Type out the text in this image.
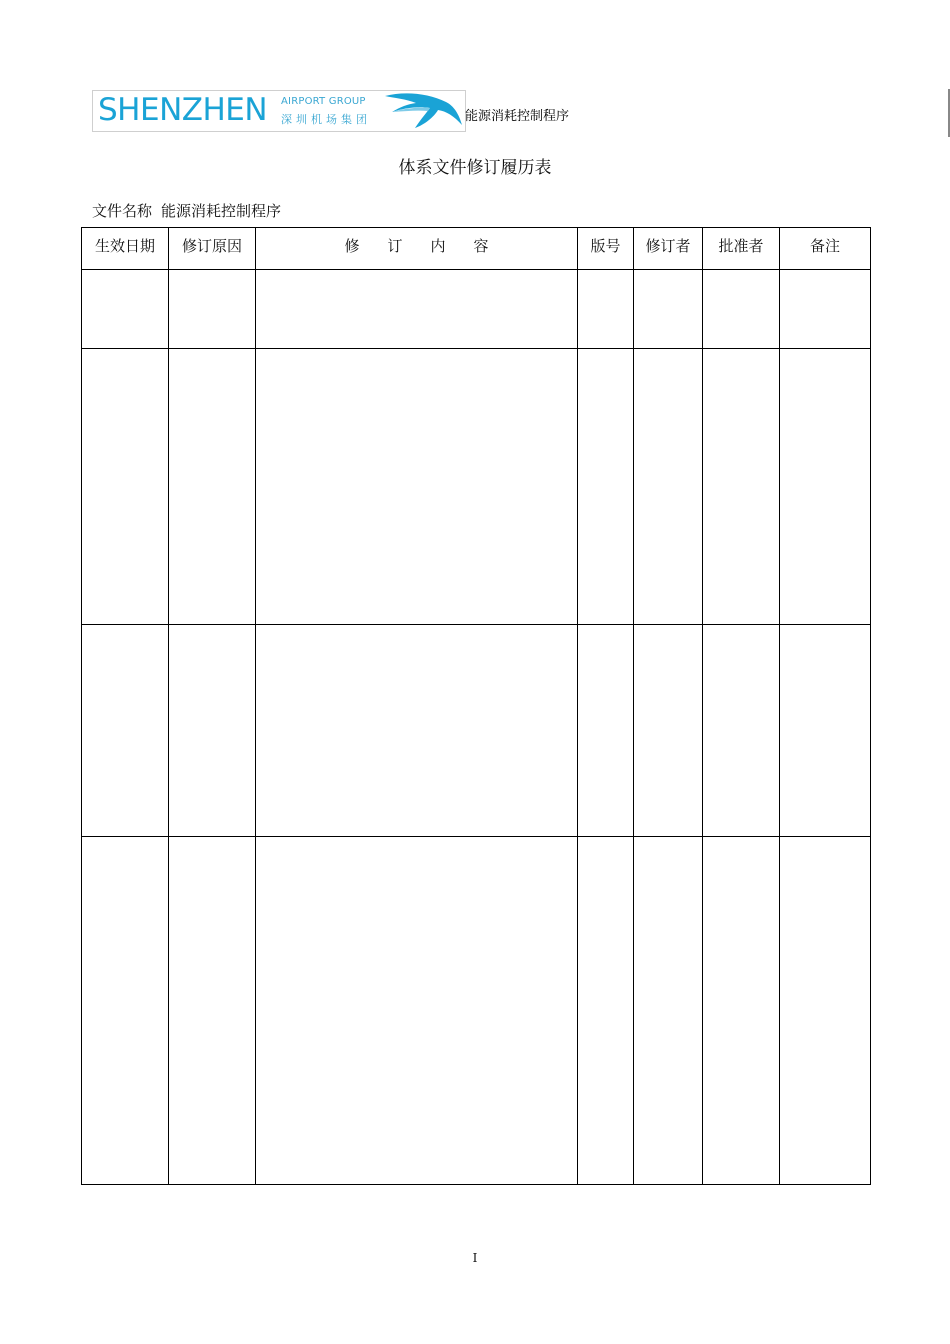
SHENZHEN AIRPORT GROUP
深圳机场集团	能源消耗控制程序
体系文件修订履历表
文件名称 能源消耗控制程序
生效日期	修订原因	修订内容	版号	修订者	批准者	备注

I
